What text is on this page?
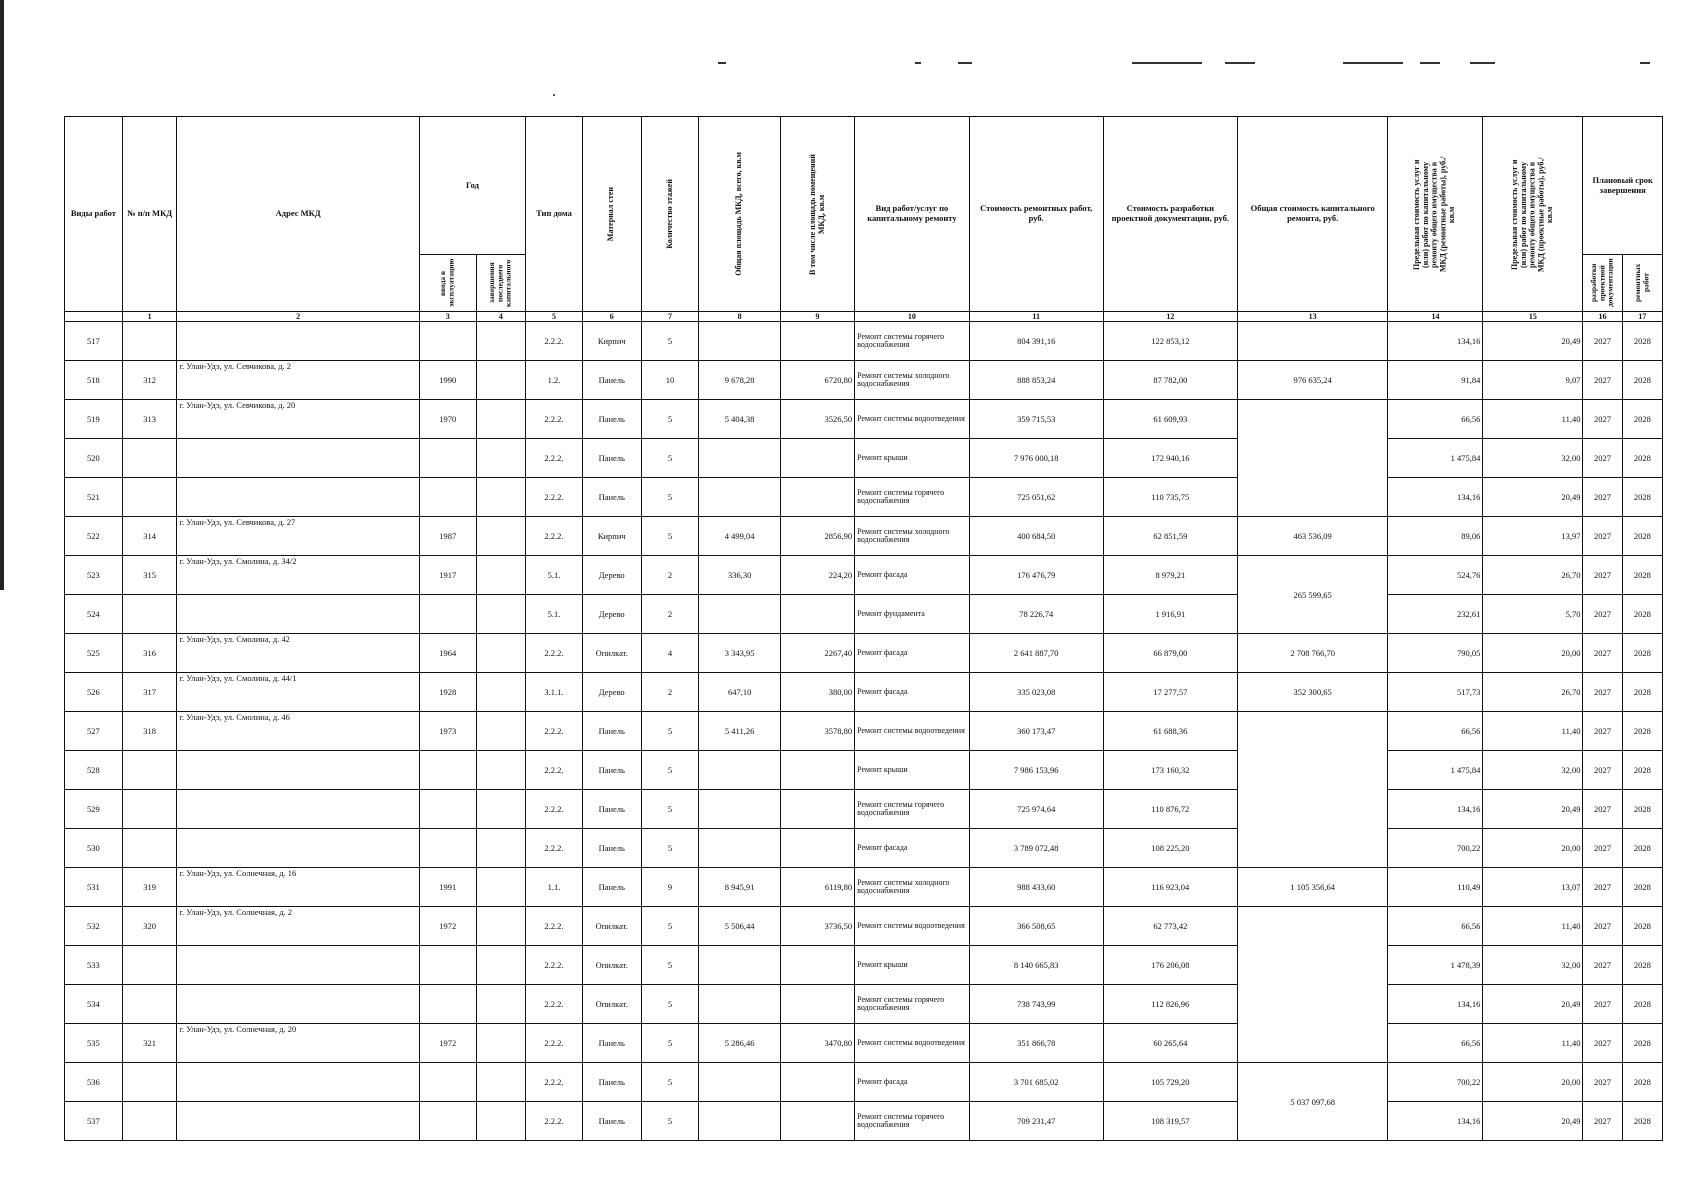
Виды работ	№ п/п МКД	Адрес МКД	Год		Тип дома	Материал стен	Количество этажей	Общая площадь МКД, всего, кв.м	В том числе площадь помещений МКД, кв.м	Вид работ/услуг по капитальному ремонту	Стоимость ремонтных работ, руб.	Стоимость разработки проектной документации, руб.	Общая стоимость капитального ремонта, руб.	Предельная стоимость услуг и (или) работ по капитальному ремонту общего имущества в МКД (ремонтные работы), руб./кв.м	Предельная стоимость услуг и (или) работ по капитальному ремонту общего имущества в МКД (проектные работы), руб./кв.м	Плановый срок завершения	

			ввода в эксплуатацию	завершения последнего капитального												разработки проектной документации	ремонтных работ

	1	2	3	4	5	6	7	8	9	10	11	12	13	14	15	16	17
517					2.2.2.	Кирпич	5			Ремонт системы горячего водоснабжения	804 391,16	122 853,12		134,16	20,49	2027	2028
518	312	г. Улан-Удэ, ул. Севчикова, д. 2	1990		1.2.	Панель	10	9 678,28	6720,80	Ремонт системы холодного водоснабжения	888 853,24	87 782,00	976 635,24	91,84	9,07	2027	2028
519	313	г. Улан-Удэ, ул. Севчикова, д. 20	1970		2.2.2.	Панель	5	5 404,38	3526,50	Ремонт системы водоотведения	359 715,53	61 609,93		66,56	11,40	2027	2028
520					2.2.2.	Панель	5			Ремонт крыши	7 976 000,18	172 940,16		1 475,84	32,00	2027	2028
521					2.2.2.	Панель	5			Ремонт системы горячего водоснабжения	725 051,62	110 735,75		134,16	20,49	2027	2028
522	314	г. Улан-Удэ, ул. Севчикова, д. 27	1987		2.2.2.	Кирпич	5	4 499,04	2856,90	Ремонт системы холодного водоснабжения	400 684,50	62 851,59	463 536,09	89,06	13,97	2027	2028
523	315	г. Улан-Удэ, ул. Смолина, д. 34/2	1917		5.1.	Дерево	2	336,30	224,20	Ремонт фасада	176 476,79	8 979,21	265 599,65	524,76	26,70	2027	2028
524					5.1.	Дерево	2			Ремонт фундамента	78 226,74	1 916,91		232,61	5,70	2027	2028
525	316	г. Улан-Удэ, ул. Смолина, д. 42	1964		2.2.2.	Опилкат.	4	3 343,95	2267,40	Ремонт фасада	2 641 887,70	66 879,00	2 708 766,70	790,05	20,00	2027	2028
526	317	г. Улан-Удэ, ул. Смолина, д. 44/1	1928		3.1.1.	Дерево	2	647,10	380,00	Ремонт фасада	335 023,08	17 277,57	352 300,65	517,73	26,70	2027	2028
527	318	г. Улан-Удэ, ул. Смолина, д. 46	1973		2.2.2.	Панель	5	5 411,26	3578,80	Ремонт системы водоотведения	360 173,47	61 688,36		66,56	11,40	2027	2028
528					2.2.2.	Панель	5			Ремонт крыши	7 986 153,96	173 160,32		1 475,84	32,00	2027	2028
529					2.2.2.	Панель	5			Ремонт системы горячего водоснабжения	725 974,64	110 876,72		134,16	20,49	2027	2028
530					2.2.2.	Панель	5			Ремонт фасада	3 789 072,48	108 225,20		700,22	20,00	2027	2028
531	319	г. Улан-Удэ, ул. Солнечная, д. 16	1991		1.1.	Панель	9	8 945,91	6119,80	Ремонт системы холодного водоснабжения	988 433,60	116 923,04	1 105 356,64	110,49	13,07	2027	2028
532	320	г. Улан-Удэ, ул. Солнечная, д. 2	1972		2.2.2.	Опилкат.	5	5 506,44	3736,50	Ремонт системы водоотведения	366 508,65	62 773,42		66,56	11,40	2027	2028
533					2.2.2.	Опилкат.	5			Ремонт крыши	8 140 665,83	176 206,08		1 478,39	32,00	2027	2028
534					2.2.2.	Опилкат.	5			Ремонт системы горячего водоснабжения	738 743,99	112 826,96		134,16	20,49	2027	2028
535	321	г. Улан-Удэ, ул. Солнечная, д. 20	1972		2.2.2.	Панель	5	5 286,46	3470,80	Ремонт системы водоотведения	351 866,78	60 265,64		66,56	11,40	2027	2028
536					2.2.2.	Панель	5			Ремонт фасада	3 701 685,02	105 729,20	5 037 097,68	700,22	20,00	2027	2028
537					2.2.2.	Панель	5			Ремонт системы горячего водоснабжения	709 231,47	108 319,57		134,16	20,49	2027	2028
